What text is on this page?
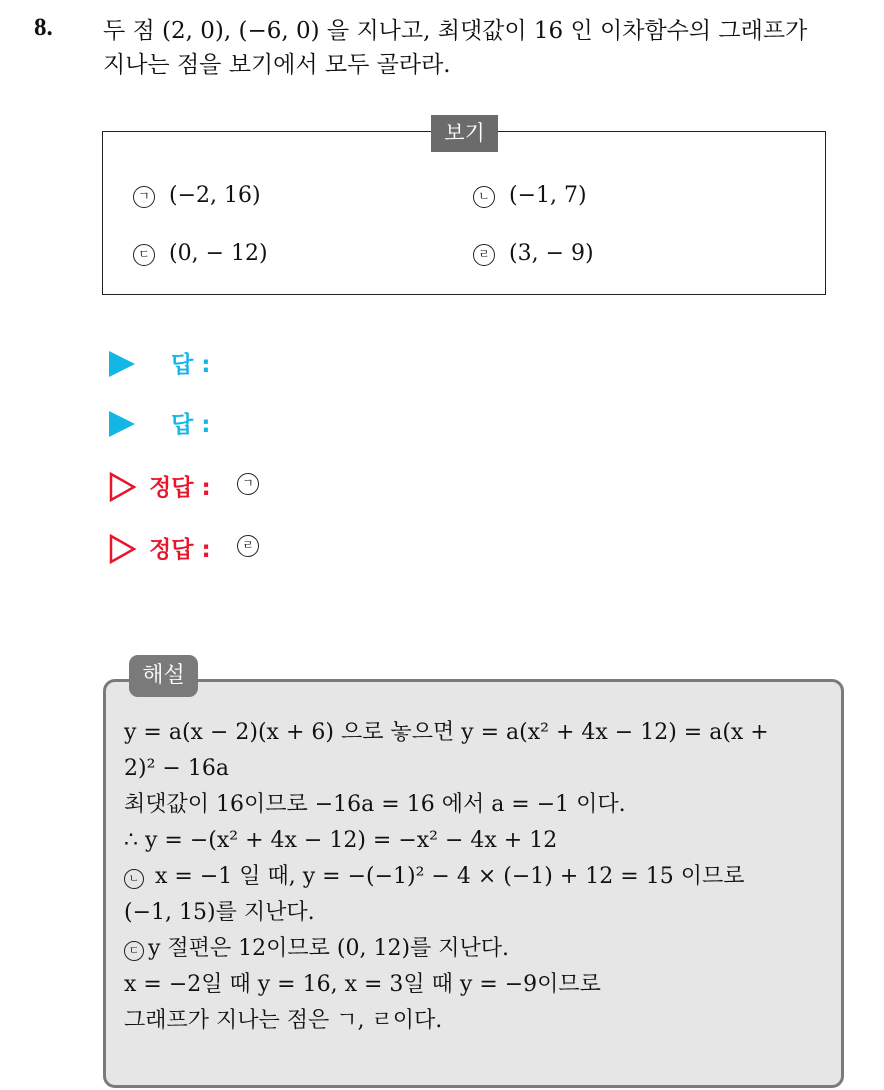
8. 두 점 (2, 0), (−6, 0) 을 지나고, 최댓값이 16 인 이차함수의 그래프가
지나는 점을 보기에서 모두 골라라.
보기
ㄱ (−2, 16)	ㄴ (−1, 7)
ㄷ (0, − 12)	ㄹ (3, − 9)
답 :
답 :
정답 :	ㄱ
정답 :	ㄹ
해설
y = a(x − 2)(x + 6) 으로 놓으면 y = a(x² + 4x − 12) = a(x +
2)² − 16a
최댓값이 16이므로 −16a = 16 에서 a = −1 이다.
∴ y = −(x² + 4x − 12) = −x² − 4x + 12
ㄴ x = −1 일 때, y = −(−1)² − 4 × (−1) + 12 = 15 이므로
(−1, 15)를 지난다.
ㄷ y 절편은 12이므로 (0, 12)를 지난다.
x = −2일 때 y = 16, x = 3일 때 y = −9이므로
그래프가 지나는 점은 ㄱ, ㄹ이다.
